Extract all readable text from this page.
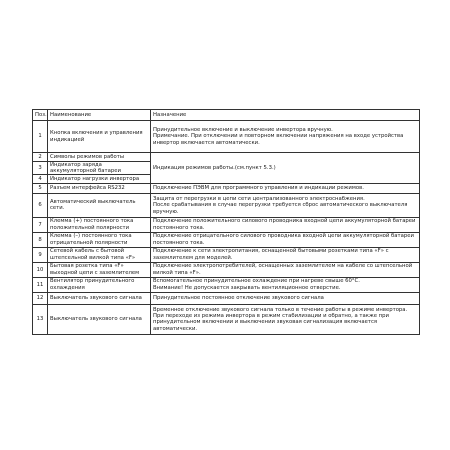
Поз.	Наименование	Назначение
1	Кнопка включения и управления индикацией	Принудительное включение и выключение инвертора вручную.
Примечание. При отключении и повторном включении напряжения на входе устройства инвертор включается автоматически.
2	Символы режимов работы	Индикация режимов работы.(см.пункт 5.3.)
3	Индикатор заряда аккумуляторной батареи	
4	Индикатор нагрузки инвертора	
5	Разъем интерфейса RS232	Подключение ПЭВМ для программного управления и индикации режимов.
6	Автоматический выключатель сети.	Защита от перегрузки в цепи сети централизованного электроснабжения.
После срабатывания в случае перегрузки требуется сброс автоматического выключателя вручную.
7	Клемма (+) постоянного тока положительной полярности	Подключение положительного силового проводника входной цепи аккумуляторной батареи постоянного тока.
8	Клемма (–) постоянного тока отрицательной полярности	Подключение отрицательного силового проводника входной цепи аккумуляторной батареи постоянного тока.
9	Сетевой кабель с бытовой штепсельной вилкой типа «F»	Подключение к сети электропитания, оснащенной бытовыми розетками типа «F» с заземлителем для моделей.
10	Бытовая розетка типа «F» выходной цепи с заземлителем	Подключение электропотребителей, оснащенных заземлителем на кабеле со штепсельной вилкой типа «F».
11	Вентилятор принудительного охлаждения	Вспомогательное принудительное охлаждение при нагреве свыше 60°С.
Внимание! Не допускается закрывать вентиляционное отверстие.
12	Выключатель звукового сигнала	Принудительное постоянное отключение звукового сигнала
13	Выключатель звукового сигнала	Временное отключение звукового сигнала только в течение работы в режиме инвертора.
При переходе из режима инвертора в режим стабилизации и обратно, а также при принудительном включении и выключении звуковая сигнализация включается автоматически.
